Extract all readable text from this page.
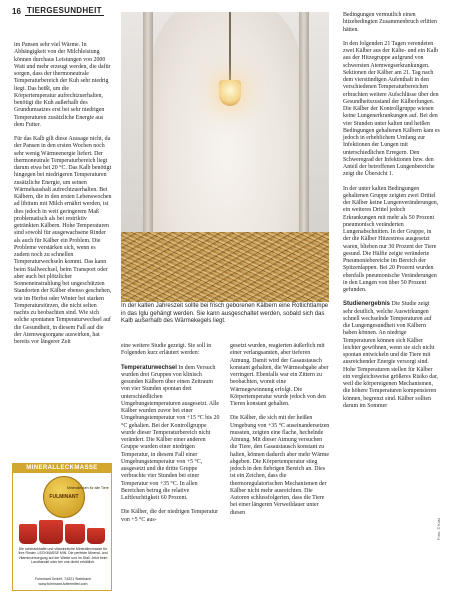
16 TIERGESUNDHEIT

im Pansen sehr viel Wärme. In Abhängigkeit von der Milchleistung können durchaus Leistungen von 2000 Watt und mehr erzeugt werden, die dafür sorgen, dass der thermoneutrale Temperaturbereich der Kuh sehr niedrig liegt. Das heißt, um die Körpertemperatur aufrechtzuerhalten, benötigt die Kuh außerhalb des Grundumsatzes erst bei sehr niedrigen Temperaturen zusätzliche Energie aus dem Futter.

Für das Kalb gilt diese Aussage nicht, da der Pansen in den ersten Wochen noch sehr wenig Wärmeenergie liefert. Der thermoneutrale Temperaturbereich liegt darum etwa bei 20 °C. Das Kalb benötigt hingegen bei niedrigeren Temperaturen zusätzliche Energie, um seinen Wärmehaushalt aufrechtzuerhalten. Bei Kälbern, die in den ersten Lebenswochen ad libitum mit Milch ernährt werden, ist dies jedoch in weit geringerem Maß problematisch als bei restriktiv getränkten Kälbern. Hohe Temperaturen sind sowohl für ausgewachsene Rinder als auch für Kälber ein Problem. Die Probleme verstärken sich, wenn es zudem noch zu schnellen Temperaturwechseln kommt. Das kann beim Stallwechsel, beim Transport oder aber auch bei plötzlicher Sonneneinstrahlung bei ungeschützten Standorten der Kälber ebenso geschehen, wie im Herbst oder Winter bei starken Temperaturstürzen, die nicht selten nachts zu beobachten sind. Wie sich solche spontanen Temperaturwechsel auf die Gesundheit, in diesem Fall auf die der Atemwegsorgane auswirken, hat bereits vor längerer Zeit

In der kalten Jahreszeit sollte bei frisch geborenen Kälbern eine Rotlichtlampe in das Iglu gehängt werden. Sie kann ausgeschaltet werden, sobald sich das Kalb außerhalb des Wärmekegels liegt.

eine weitere Studie gezeigt. Sie soll in Folgenden kurz erläutert werden:

Temperaturwechsel In dem Versuch wurden drei Gruppen von klinisch gesunden Kälbern über einen Zeitraum von vier Stunden spontan drei unterschiedlichen Umgebungstemperaturen ausgesetzt. Alle Kälber wurden zuvor bei einer Umgebungstemperatur von +15 °C bis 20 °C gehalten. Bei der Kontrollgruppe wurde dieser Temperaturbereich nicht verändert. Die Kälber einer anderen Gruppe wurden einer niedrigen Temperatur, in diesem Fall einer Umgebungstemperatur von +5 °C, ausgesetzt und die dritte Gruppe verbrachte vier Stunden bei einer Temperatur von +35 °C. In allen Bereichen betrug die relative Luftfeuchtigkeit 60 Prozent.

Die Kälber, die der niedrigen Temperatur von +5 °C aus-

gesetzt wurden, reagierten äußerlich mit einer verlangsamten, aber tieferen Atmung. Damit wird der Gasaustausch konstant gehalten, die Wärmeabgabe aber verringert. Ebenfalls war ein Zittern zu beobachten, womit eine Wärmegewinnung erfolgt. Die Körpertemperatur wurde jedoch von den Tieren konstant gehalten.

Die Kälber, die sich mit der heißen Umgebung von +35 °C auseinandersetzen mussten, zeigten eine flache, hechelnde Atmung. Mit dieser Atmung versuchen die Tiere, den Gasaustausch konstant zu halten, können dadurch aber mehr Wärme abgeben. Die Körpertemperatur stieg jedoch in den fiebrigen Bereich an. Dies ist ein Zeichen, dass die thermoregulatorischen Mechanismen der Kälber nicht mehr ausreichten. Die Autoren schlussfolgerten, dass die Tiere bei einer längeren Verweildauer unter diesen

Bedingungen vermutlich einen hitzebedingten Zusammenbruch erlitten hätten.

In den folgenden 21 Tagen verendeten zwei Kälber aus der Kälte- und ein Kalb aus der Hitzegruppe aufgrund von schwersten Atemwegserkrankungen. Sektionen der Kälber am 21. Tag nach dem vierstündigen Aufenthalt in den verschiedenen Temperaturbereichen erbrachten weitere Aufschlüsse über den Gesundheitszustand der Kälberlungen. Die Kälber der Kontrollgruppe wiesen keine Lungenerkrankungen auf. Bei den vier Stunden unter kalten und heißen Bedingungen gehaltenen Kälbern kam es jedoch in erheblichem Umfang zur Infektionen der Lungen mit unterschiedlichen Erregern. Den Schweregrad der Infektionen bzw. den Anteil der betroffenen Lungenbereiche zeigt die Übersicht 1.

In der unter kalten Bedingungen gehaltenen Gruppe zeigten zwei Drittel der Kälber keine Lungenveränderungen, ein weiteres Drittel jedoch Erkrankungen mit mehr als 50 Prozent pneumonisch veränderten Lungenabschnitten. In der Gruppe, in der die Kälber Hitzestress ausgesetzt waren, blieben nur 30 Prozent der Tiere gesund. Die Hälfte zeigte veränderte Pneumoniebereiche im Bereich der Spitzenlappen. Bei 20 Prozent wurden ebenfalls pneumonische Veränderungen in den Lungen von über 50 Prozent gefunden.

Studienergebnis Die Studie zeigt sehr deutlich, welche Auswirkungen schnell wechselnde Temperaturen auf die Lungengesundheit von Kälbern haben können. An niedrige Temperaturen können sich Kälber leichter gewöhnen, wenn sie sich nicht spontan entwickeln und die Tiere mit ausreichender Energie versorgt sind. Hohe Temperaturen stellen für Kälber ein vergleichsweise größeres Risiko dar, weil die körpereigenen Mechanismen, die höhere Temperaturen kompensieren können, begrenzt sind. Kälber sollten darum im Sommer

Foto: © Kotz
MINERALLECKMASSE
FULMINANT
Minerallecken für alle Tiere
Die schmackhafte und vitaminreiche Minerallecmasse für Ihre Rinder. LECKMASSE MIN. Die perfekte Mineral- und Vitaminversorgung auf der Weide und im Stall. Jetzt beim Landhandel oder bei uns direkt erhältlich.
Fulminant GmbH, 74321 Steinbach
www.fulminant-futtermittel.com
